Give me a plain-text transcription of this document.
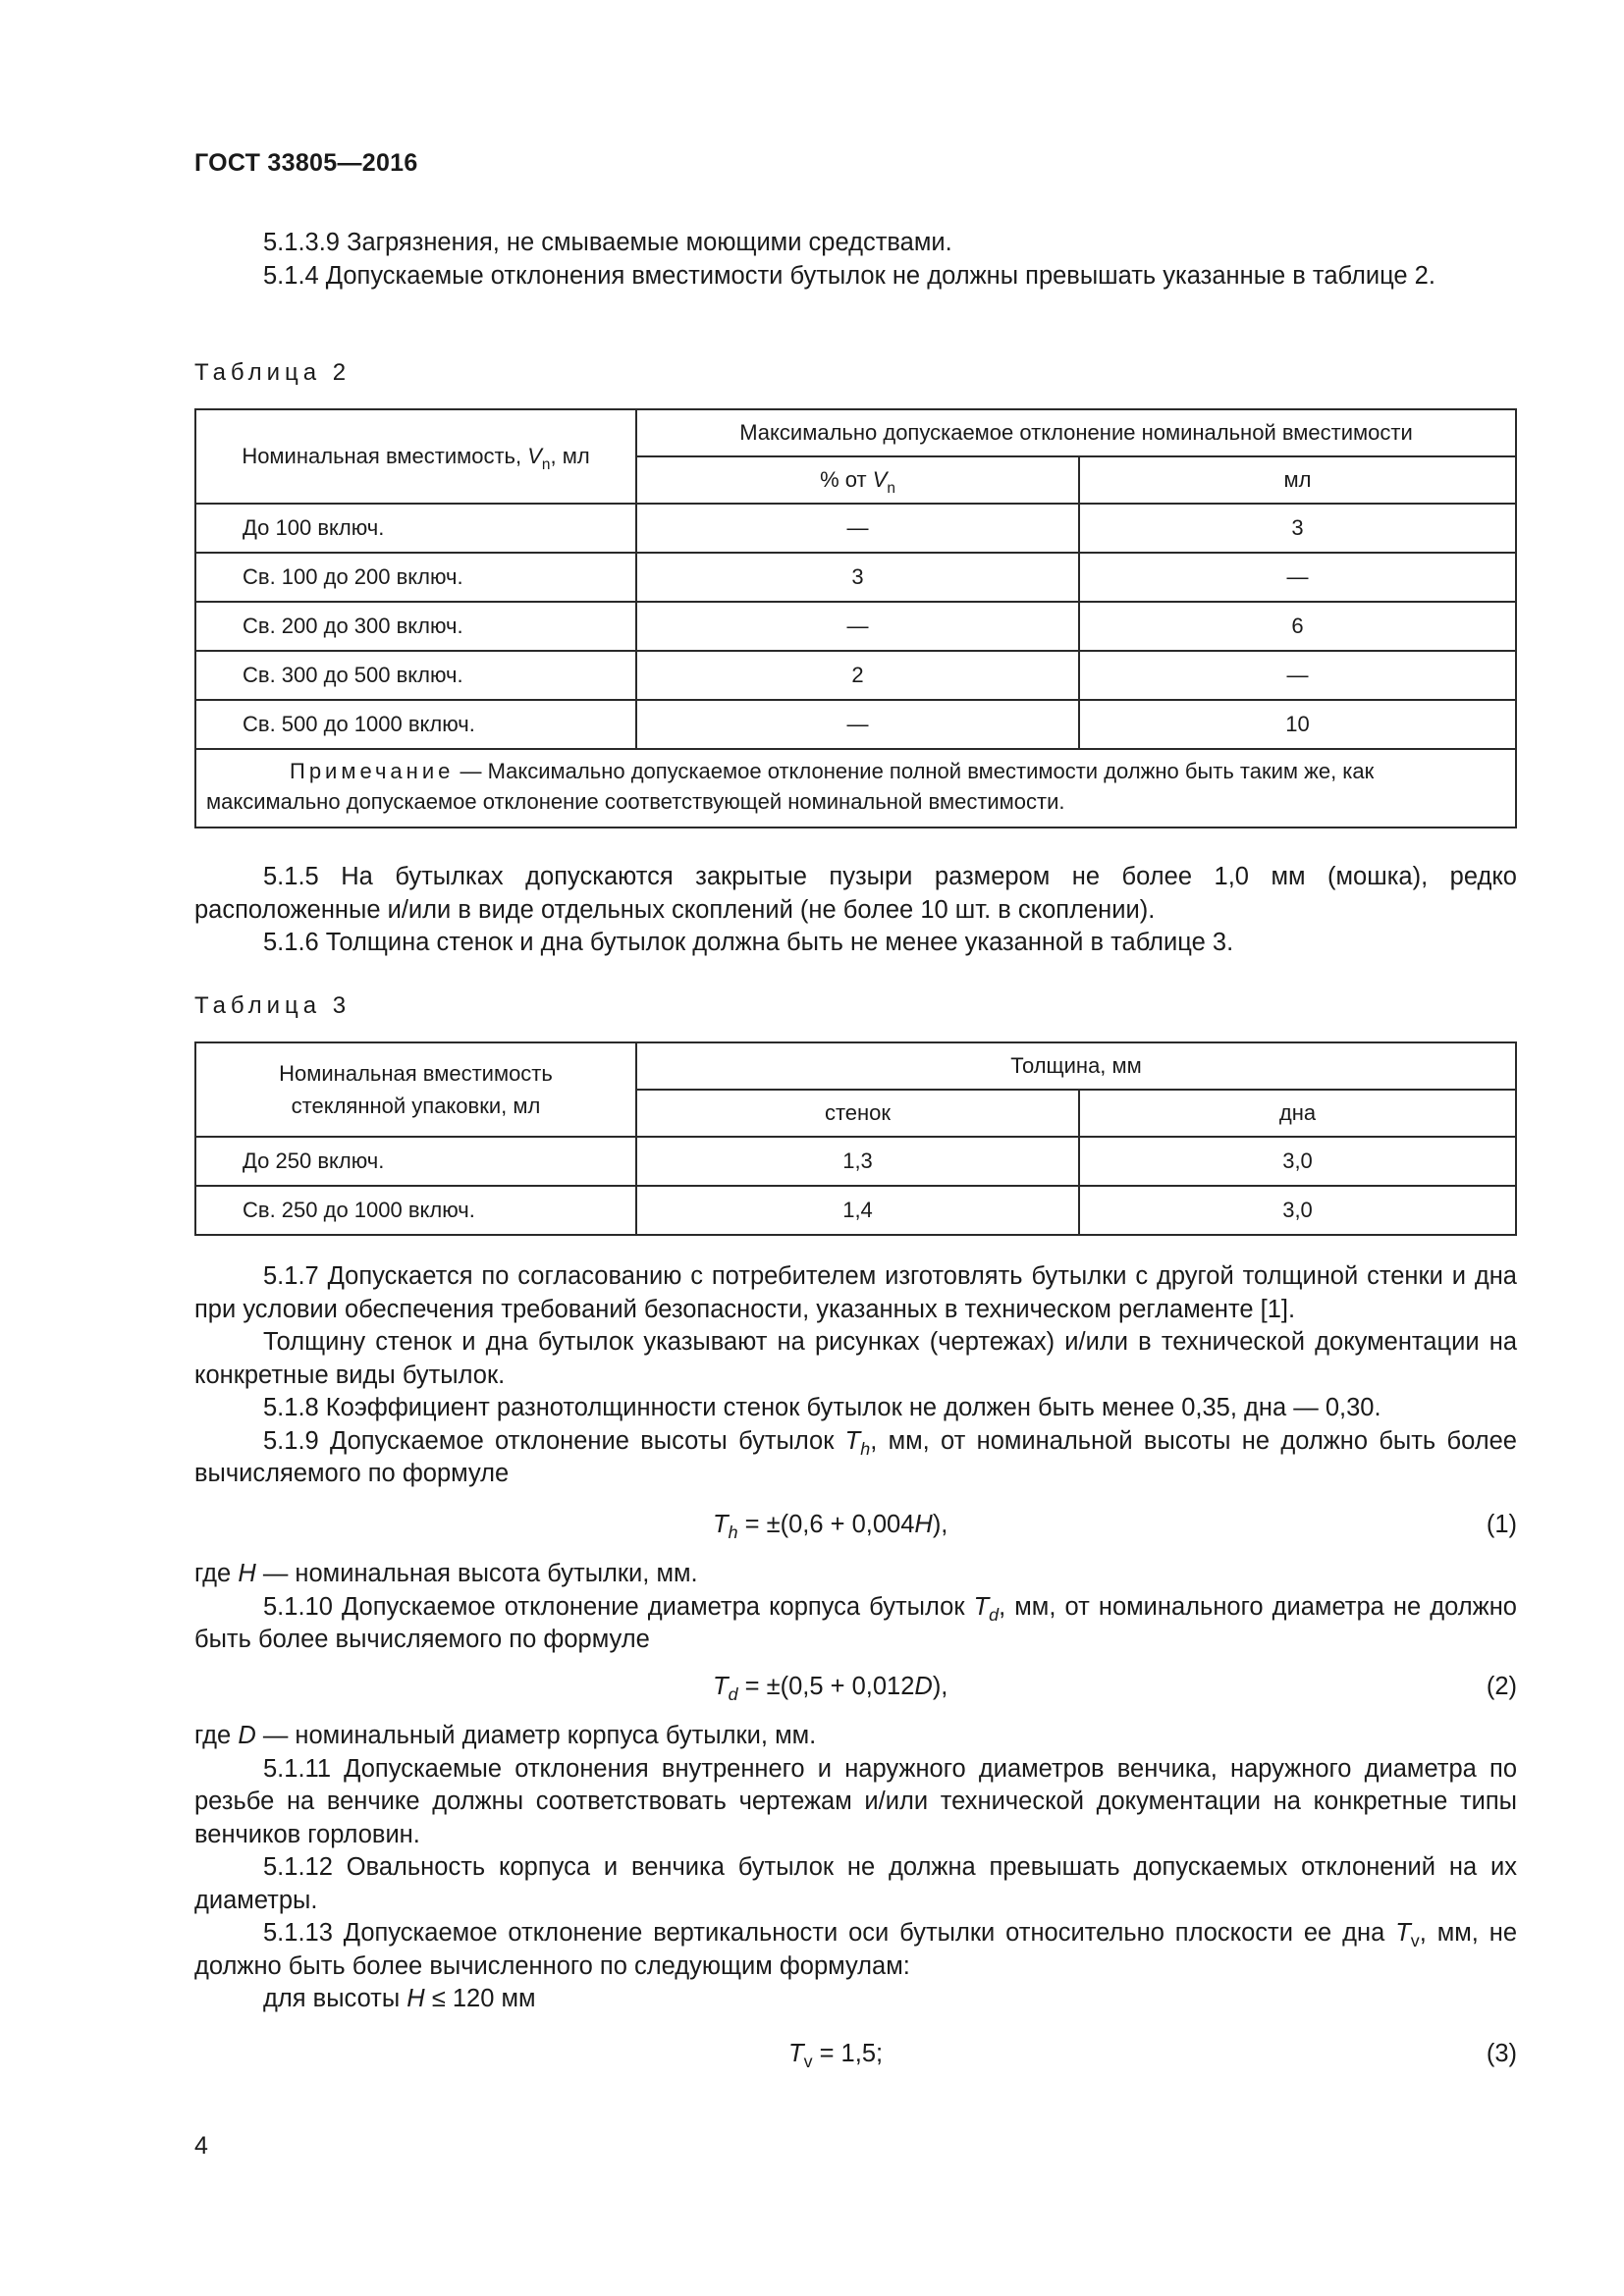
ГОСТ 33805—2016

5.1.3.9 Загрязнения, не смываемые моющими средствами.

5.1.4 Допускаемые отклонения вместимости бутылок не должны превышать указанные в таблице 2.

Таблица 2
Номинальная вместимость, $V_n$, мл	Максимально допускаемое отклонение номинальной вместимости	
	% от $V_n$	мл
До 100 включ.	—	3
Св. 100 до 200 включ.	3	—
Св. 200 до 300 включ.	—	6
Св. 300 до 500 включ.	2	—
Св. 500 до 1000 включ.	—	10
Примечание — Максимально допускаемое отклонение полной вместимости должно быть таким же, как максимально допускаемое отклонение соответствующей номинальной вместимости.		

5.1.5 На бутылках допускаются закрытые пузыри размером не более 1,0 мм (мошка), редко расположенные и/или в виде отдельных скоплений (не более 10 шт. в скоплении).

5.1.6 Толщина стенок и дна бутылок должна быть не менее указанной в таблице 3.

Таблица 3
Номинальная вместимость
стеклянной упаковки, мл	Толщина, мм	
	стенок	дна
До 250 включ.	1,3	3,0
Св. 250 до 1000 включ.	1,4	3,0

5.1.7 Допускается по согласованию с потребителем изготовлять бутылки с другой толщиной стенки и дна при условии обеспечения требований безопасности, указанных в техническом регламенте [1].

Толщину стенок и дна бутылок указывают на рисунках (чертежах) и/или в технической документации на конкретные виды бутылок.

5.1.8 Коэффициент разнотолщинности стенок бутылок не должен быть менее 0,35, дна — 0,30.

5.1.9 Допускаемое отклонение высоты бутылок $T_h$, мм, от номинальной высоты не должно быть более вычисляемого по формуле

$T_h = \pm(0,6 + 0,004H)$,	(1)

где H — номинальная высота бутылки, мм.

5.1.10 Допускаемое отклонение диаметра корпуса бутылок $T_d$, мм, от номинального диаметра не должно быть более вычисляемого по формуле

$T_d = \pm(0,5 + 0,012D)$,	(2)

где D — номинальный диаметр корпуса бутылки, мм.

5.1.11 Допускаемые отклонения внутреннего и наружного диаметров венчика, наружного диаметра по резьбе на венчике должны соответствовать чертежам и/или технической документации на конкретные типы венчиков горловин.

5.1.12 Овальность корпуса и венчика бутылок не должна превышать допускаемых отклонений на их диаметры.

5.1.13 Допускаемое отклонение вертикальности оси бутылки относительно плоскости ее дна $T_v$, мм, не должно быть более вычисленного по следующим формулам:

для высоты H ≤ 120 мм

$T_v = 1,5$;	(3)
4
